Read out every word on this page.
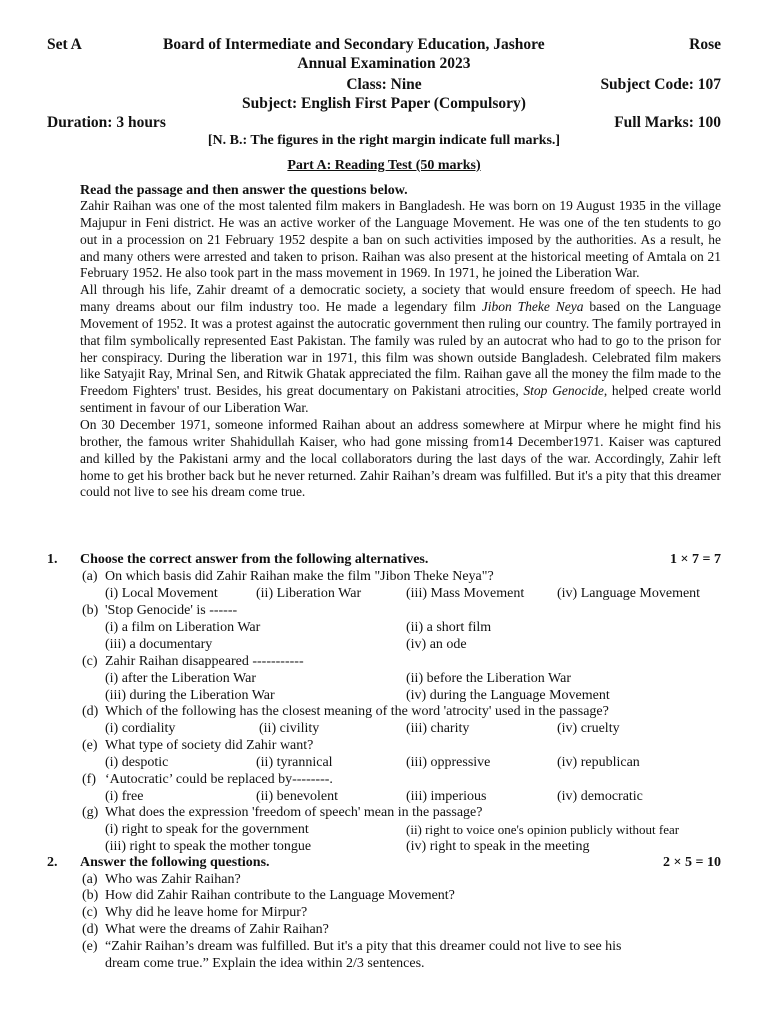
Set A	Board of Intermediate and Secondary Education, Jashore	Rose
Annual Examination 2023
Class: Nine	Subject Code: 107
Subject: English First Paper (Compulsory)
Duration: 3 hours	Full Marks: 100
[N. B.: The figures in the right margin indicate full marks.]
Part A: Reading Test (50 marks)
Read the passage and then answer the questions below.

Zahir Raihan was one of the most talented film makers in Bangladesh. He was born on 19 August 1935 in the village Majupur in Feni district. He was an active worker of the Language Movement. He was one of the ten students to go out in a procession on 21 February 1952 despite a ban on such activities imposed by the authorities. As a result, he and many others were arrested and taken to prison. Raihan was also present at the historical meeting of Amtala on 21 February 1952. He also took part in the mass movement in 1969. In 1971, he joined the Liberation War.

All through his life, Zahir dreamt of a democratic society, a society that would ensure freedom of speech. He had many dreams about our film industry too. He made a legendary film Jibon Theke Neya based on the Language Movement of 1952. It was a protest against the autocratic government then ruling our country. The family portrayed in that film symbolically represented East Pakistan. The family was ruled by an autocrat who had to go to the prison for her conspiracy. During the liberation war in 1971, this film was shown outside Bangladesh. Celebrated film makers like Satyajit Ray, Mrinal Sen, and Ritwik Ghatak appreciated the film. Raihan gave all the money the film made to the Freedom Fighters' trust. Besides, his great documentary on Pakistani atrocities, Stop Genocide, helped create world sentiment in favour of our Liberation War.

On 30 December 1971, someone informed Raihan about an address somewhere at Mirpur where he might find his brother, the famous writer Shahidullah Kaiser, who had gone missing from14 December1971. Kaiser was captured and killed by the Pakistani army and the local collaborators during the last days of the war. Accordingly, Zahir left home to get his brother back but he never returned. Zahir Raihan’s dream was fulfilled. But it's a pity that this dreamer could not live to see his dream come true.

1. Choose the correct answer from the following alternatives.	1 × 7 = 7
(a) On which basis did Zahir Raihan make the film "Jibon Theke Neya"?
(i) Local Movement	(ii) Liberation War	(iii) Mass Movement (iv) Language Movement
(b) 'Stop Genocide' is ------
(i) a film on Liberation War	(ii) a short film
(iii) a documentary	(iv) an ode
(c) Zahir Raihan disappeared -----------
(i) after the Liberation War	(ii) before the Liberation War
(iii) during the Liberation War	(iv) during the Language Movement
(d) Which of the following has the closest meaning of the word 'atrocity' used in the passage?
(i) cordiality	(ii) civility	(iii) charity	(iv) cruelty
(e) What type of society did Zahir want?
(i) despotic	(ii) tyrannical	(iii) oppressive	(iv) republican
(f) ‘Autocratic’ could be replaced by--------.
(i) free	(ii) benevolent	(iii) imperious	(iv) democratic
(g) What does the expression 'freedom of speech' mean in the passage?
(i) right to speak for the government	(ii) right to voice one's opinion publicly without fear
(iii) right to speak the mother tongue	(iv) right to speak in the meeting
2. Answer the following questions.	2 × 5 = 10
(a) Who was Zahir Raihan?
(b) How did Zahir Raihan contribute to the Language Movement?
(c) Why did he leave home for Mirpur?
(d) What were the dreams of Zahir Raihan?
(e) “Zahir Raihan’s dream was fulfilled. But it's a pity that this dreamer could not live to see his
dream come true.” Explain the idea within 2/3 sentences.
